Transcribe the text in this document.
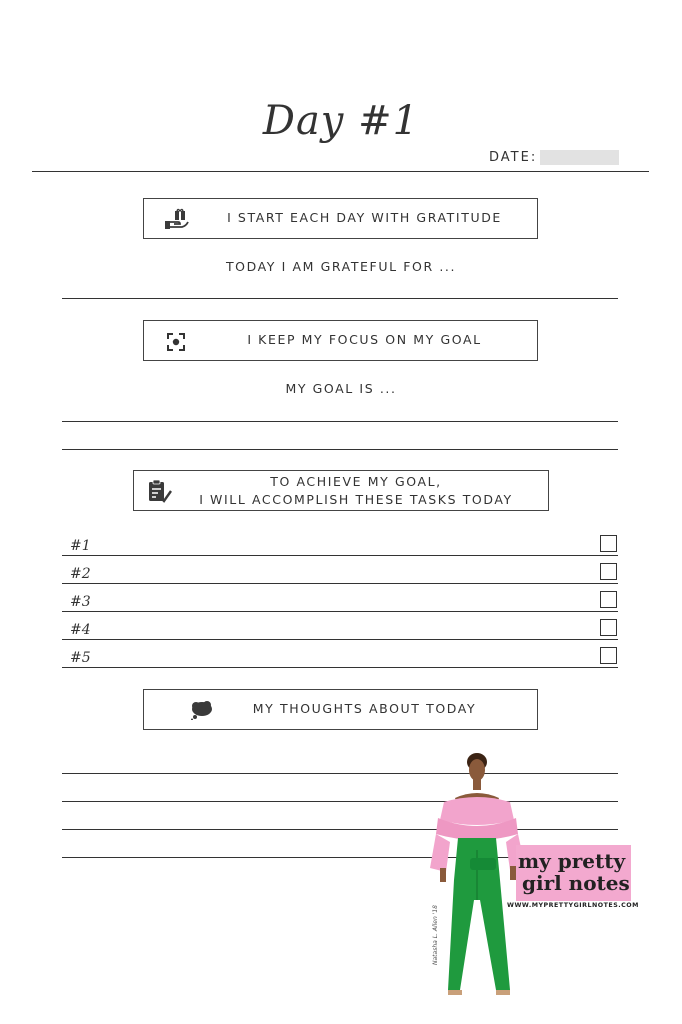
Day #1
DATE:
I START EACH DAY WITH GRATITUDE
TODAY I AM GRATEFUL FOR ...
I KEEP MY FOCUS ON MY GOAL
MY GOAL IS ...
TO ACHIEVE MY GOAL,
I WILL ACCOMPLISH THESE TASKS TODAY
#1
#2
#3
#4
#5
MY THOUGHTS ABOUT TODAY
my pretty
girl notes
WWW.MYPRETTYGIRLNOTES.COM
Natasha L. Allen '18
